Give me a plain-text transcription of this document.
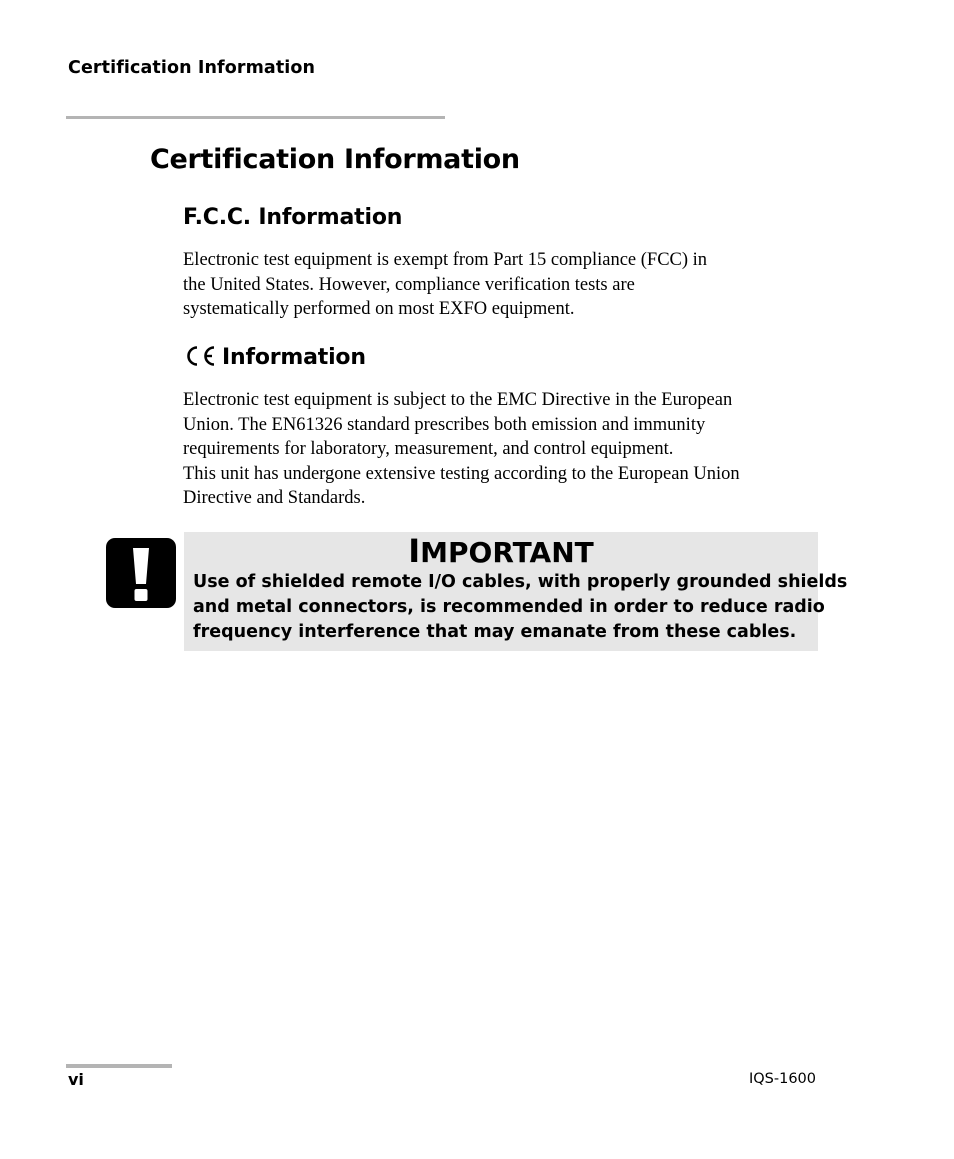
Certification Information
Certification Information
F.C.C. Information

Electronic test equipment is exempt from Part 15 compliance (FCC) in
the United States. However, compliance verification tests are
systematically performed on most EXFO equipment.

Information

Electronic test equipment is subject to the EMC Directive in the European
Union. The EN61326 standard prescribes both emission and immunity
requirements for laboratory, measurement, and control equipment.
This unit has undergone extensive testing according to the European Union
Directive and Standards.

IMPORTANT

Use of shielded remote I/O cables, with properly grounded shields
and metal connectors, is recommended in order to reduce radio
frequency interference that may emanate from these cables.

vi	IQS-1600
